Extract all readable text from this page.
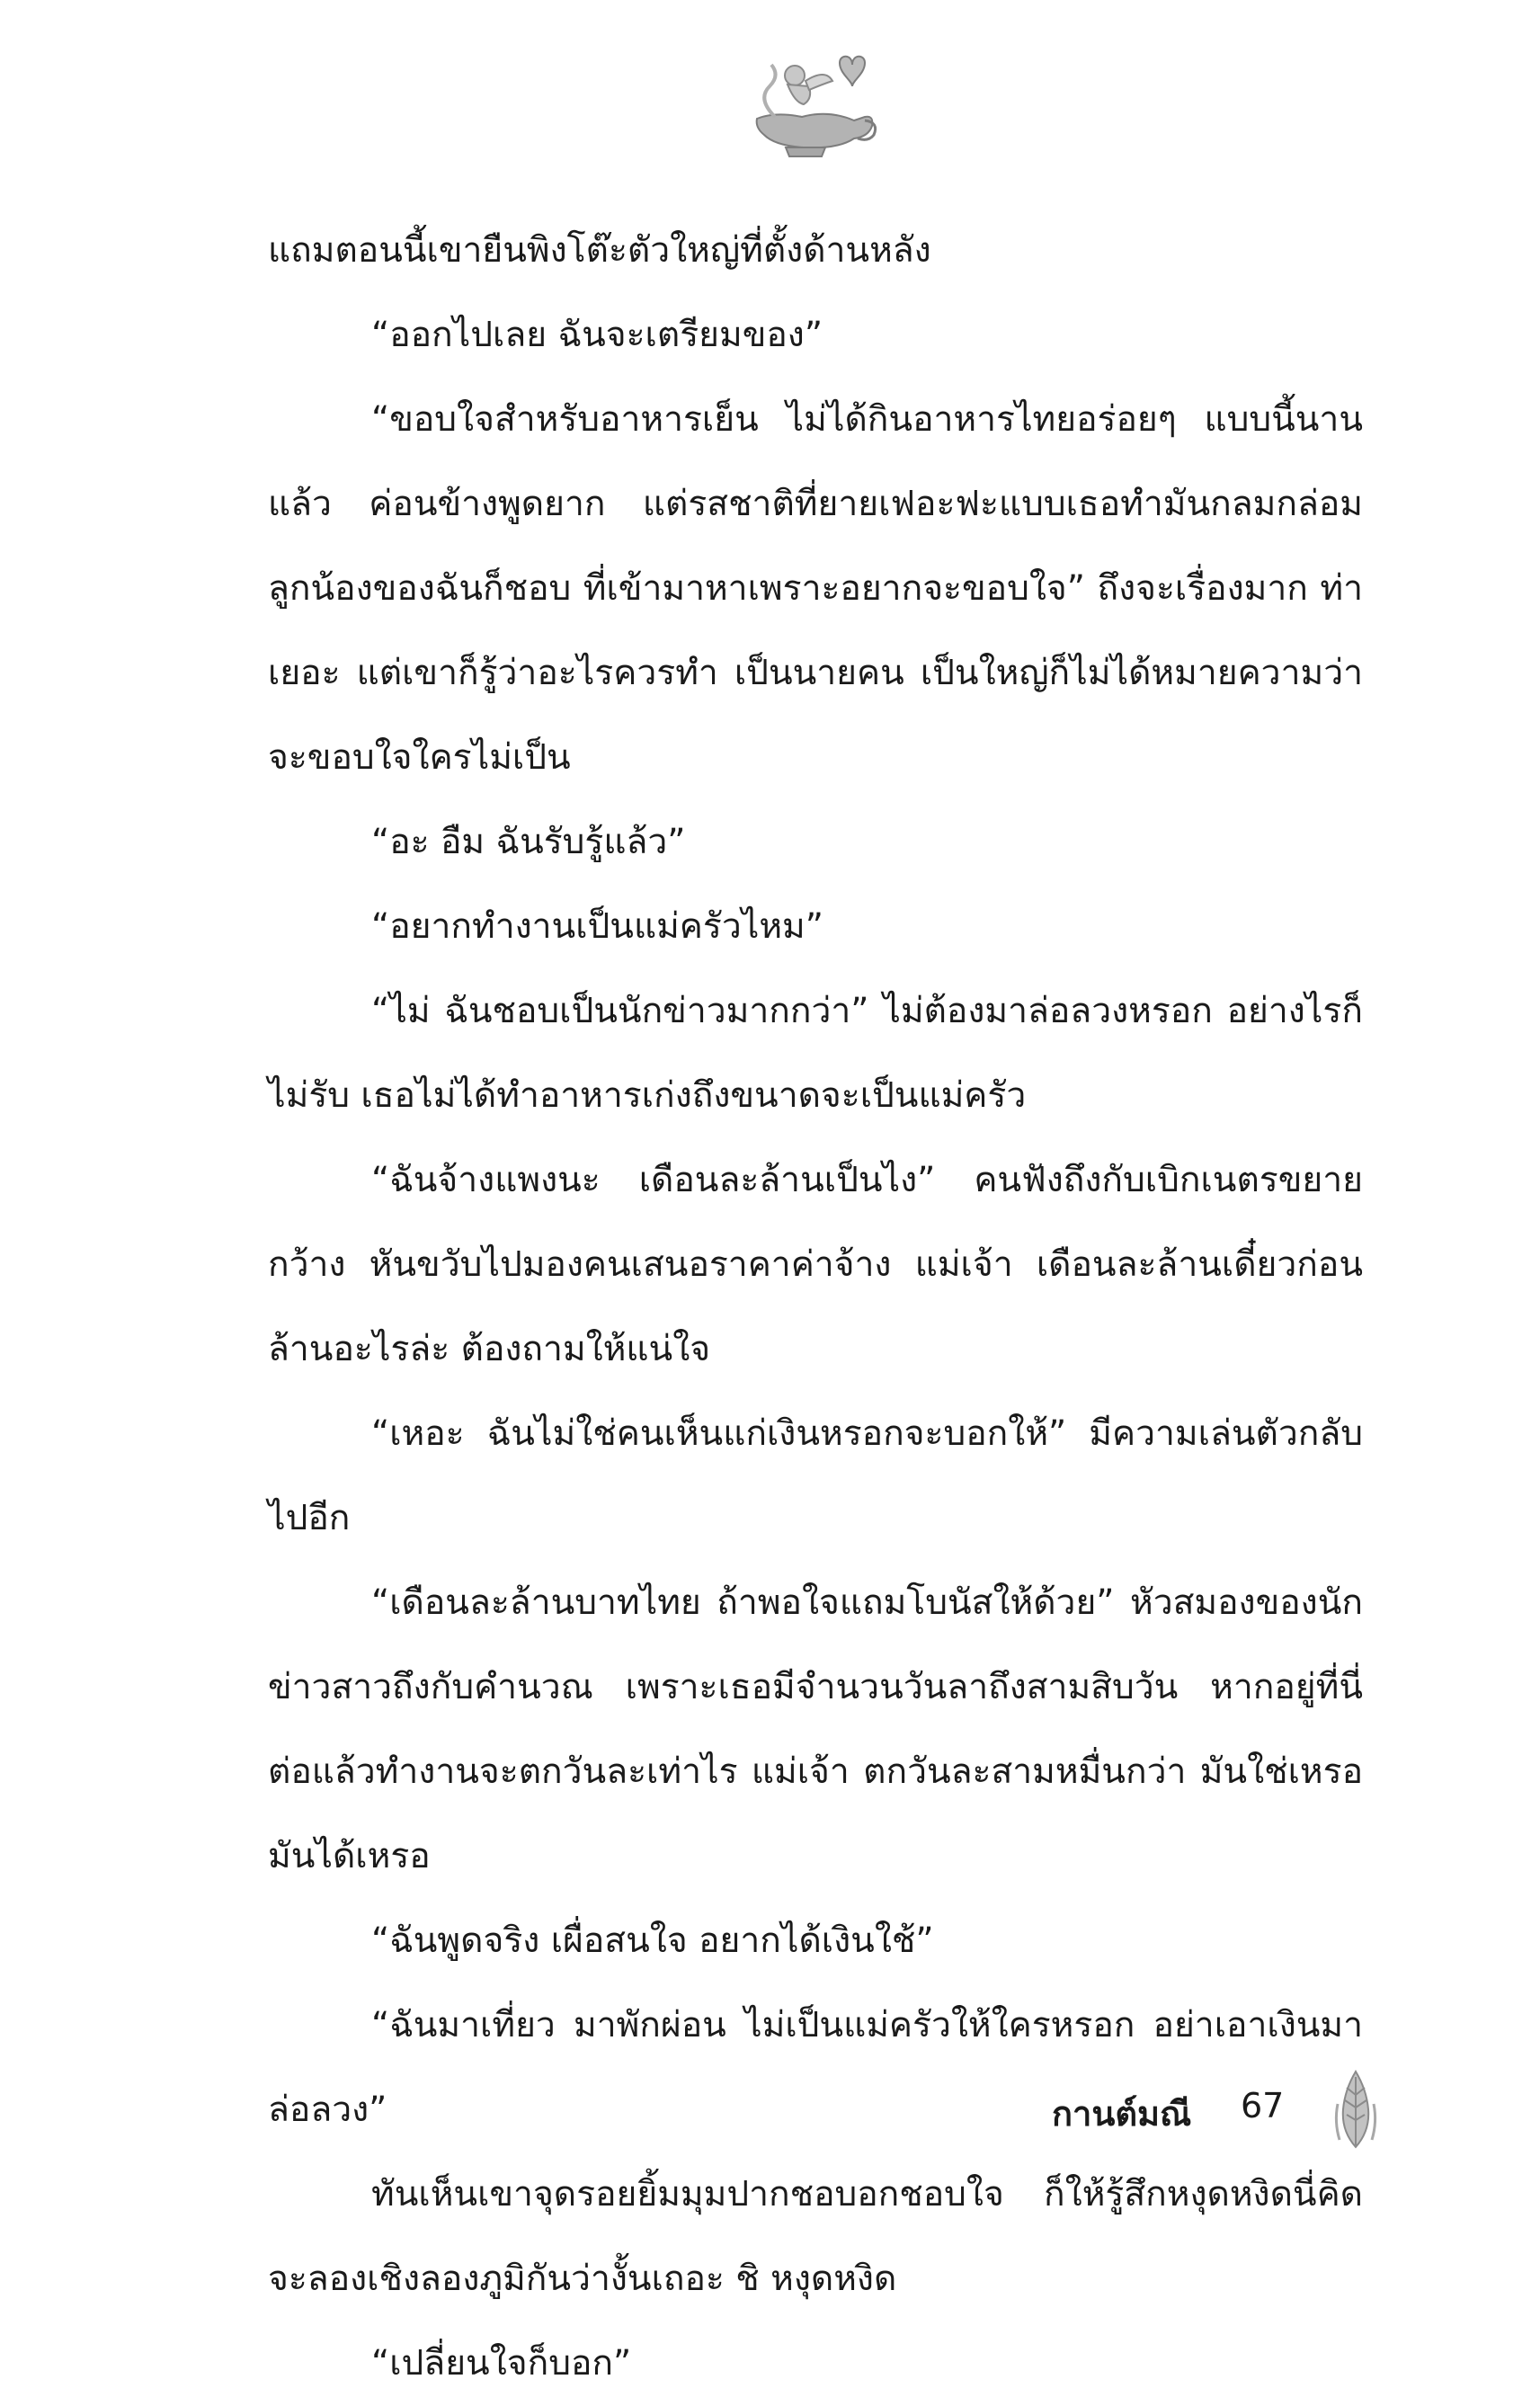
แถมตอนนี้เขายืนพิงโต๊ะตัวใหญ่ที่ตั้งด้านหลัง

“ออกไปเลย ฉันจะเตรียมของ”

“ขอบใจสำหรับอาหารเย็น ไม่ได้กินอาหารไทยอร่อยๆ แบบนี้นานแล้ว ค่อนข้างพูดยาก แต่รสชาติที่ยายเฟอะฟะแบบเธอทำมันกลมกล่อม ลูกน้องของฉันก็ชอบ ที่เข้ามาหาเพราะอยากจะขอบใจ” ถึงจะเรื่องมาก ท่าเยอะ แต่เขาก็รู้ว่าอะไรควรทำ เป็นนายคน เป็นใหญ่ก็ไม่ได้หมายความว่าจะขอบใจใครไม่เป็น

“อะ อืม ฉันรับรู้แล้ว”

“อยากทำงานเป็นแม่ครัวไหม”

“ไม่ ฉันชอบเป็นนักข่าวมากกว่า” ไม่ต้องมาล่อลวงหรอก อย่างไรก็ไม่รับ เธอไม่ได้ทำอาหารเก่งถึงขนาดจะเป็นแม่ครัว

“ฉันจ้างแพงนะ เดือนละล้านเป็นไง” คนฟังถึงกับเบิกเนตรขยายกว้าง หันขวับไปมองคนเสนอราคาค่าจ้าง แม่เจ้า เดือนละล้านเดี๋ยวก่อน ล้านอะไรล่ะ ต้องถามให้แน่ใจ

“เหอะ ฉันไม่ใช่คนเห็นแก่เงินหรอกจะบอกให้” มีความเล่นตัวกลับไปอีก

“เดือนละล้านบาทไทย ถ้าพอใจแถมโบนัสให้ด้วย” หัวสมองของนักข่าวสาวถึงกับคำนวณ เพราะเธอมีจำนวนวันลาถึงสามสิบวัน หากอยู่ที่นี่ต่อแล้วทำงานจะตกวันละเท่าไร แม่เจ้า ตกวันละสามหมื่นกว่า มันใช่เหรอ มันได้เหรอ

“ฉันพูดจริง เผื่อสนใจ อยากได้เงินใช้”

“ฉันมาเที่ยว มาพักผ่อน ไม่เป็นแม่ครัวให้ใครหรอก อย่าเอาเงินมาล่อลวง”

ทันเห็นเขาจุดรอยยิ้มมุมปากชอบอกชอบใจ ก็ให้รู้สึกหงุดหงิดนี่คิดจะลองเชิงลองภูมิกันว่างั้นเถอะ ชิ หงุดหงิด

“เปลี่ยนใจก็บอก”

กานต์มณี 67
